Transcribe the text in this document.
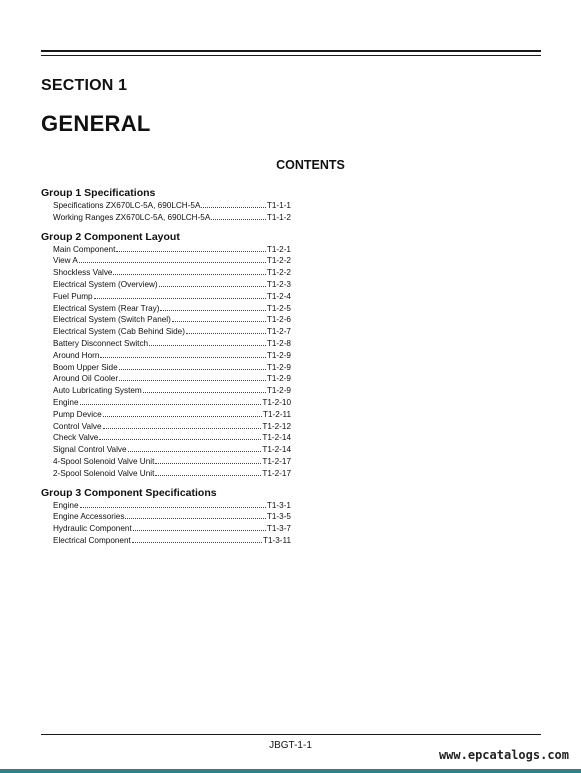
SECTION 1
GENERAL
CONTENTS
Group 1 Specifications
Specifications ZX670LC-5A, 690LCH-5A	T1-1-1
Working Ranges ZX670LC-5A, 690LCH-5A	T1-1-2
Group 2 Component Layout
Main Component	T1-2-1
View A	T1-2-2
Shockless Valve	T1-2-2
Electrical System (Overview)	T1-2-3
Fuel Pump	T1-2-4
Electrical System (Rear Tray)	T1-2-5
Electrical System (Switch Panel)	T1-2-6
Electrical System (Cab Behind Side)	T1-2-7
Battery Disconnect Switch	T1-2-8
Around Horn	T1-2-9
Boom Upper Side	T1-2-9
Around Oil Cooler	T1-2-9
Auto Lubricating System	T1-2-9
Engine	T1-2-10
Pump Device	T1-2-11
Control Valve	T1-2-12
Check Valve	T1-2-14
Signal Control Valve	T1-2-14
4-Spool Solenoid Valve Unit	T1-2-17
2-Spool Solenoid Valve Unit	T1-2-17
Group 3 Component Specifications
Engine	T1-3-1
Engine Accessories	T1-3-5
Hydraulic Component	T1-3-7
Electrical Component	T1-3-11
JBGT-1-1
www.epcatalogs.com
